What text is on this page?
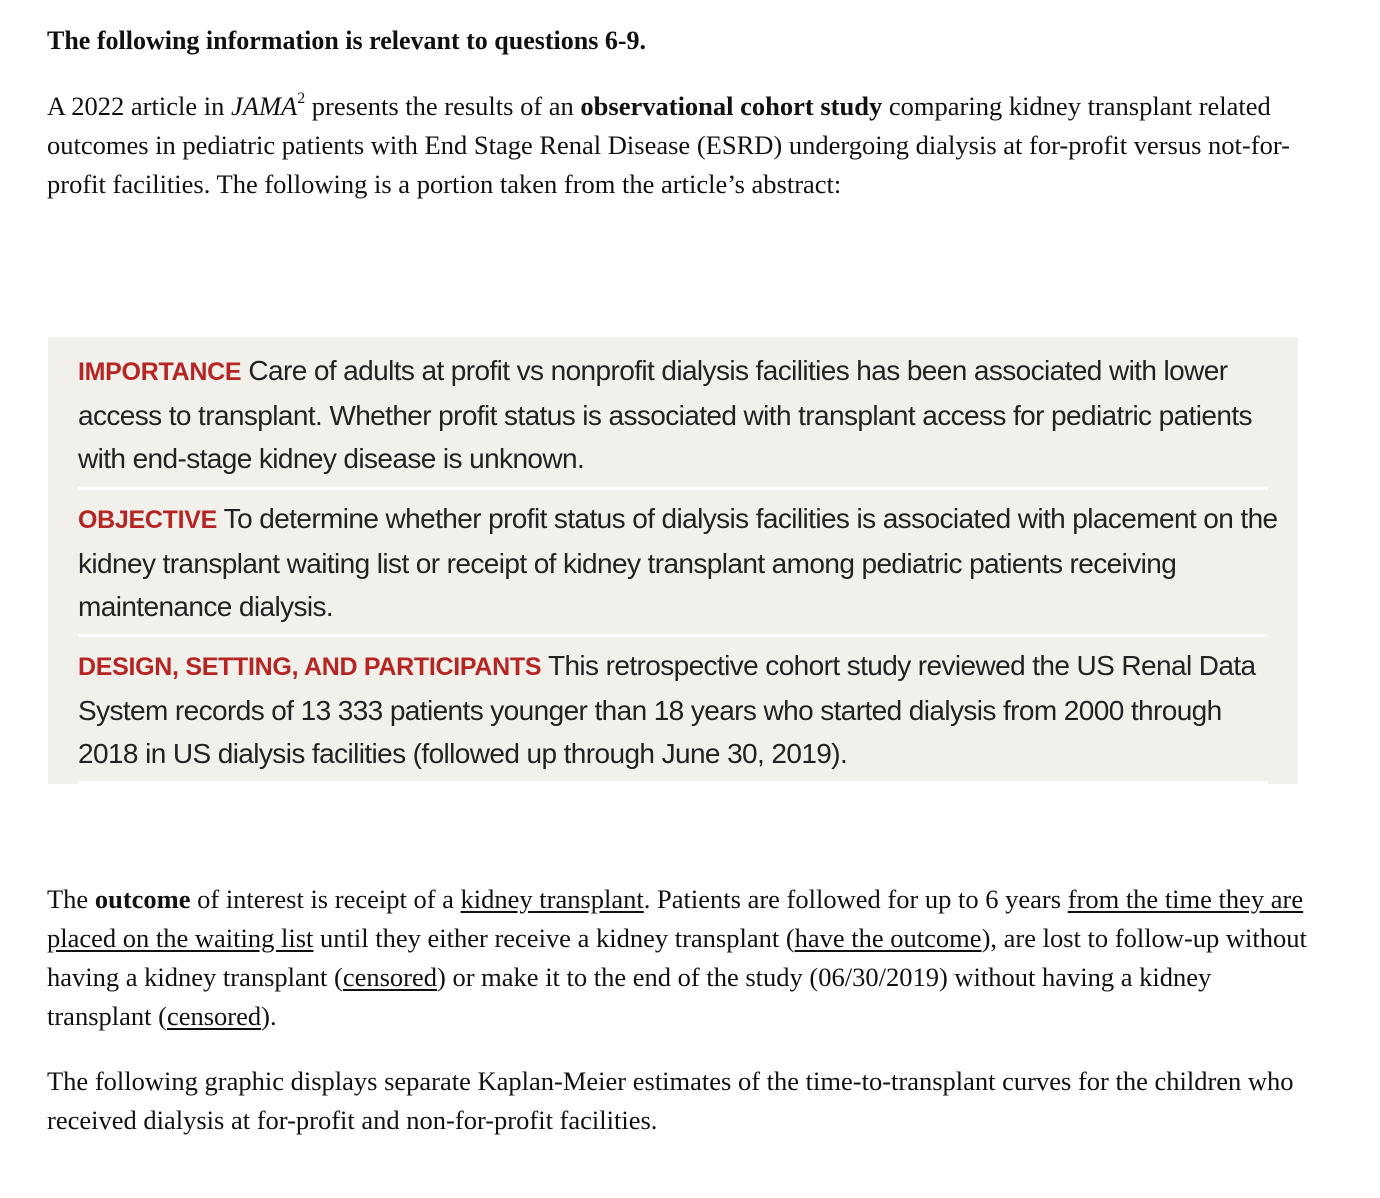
The following information is relevant to questions 6-9.

A 2022 article in JAMA$^2$ presents the results of an observational cohort study comparing kidney transplant related outcomes in pediatric patients with End Stage Renal Disease (ESRD) undergoing dialysis at for-profit versus not-for-profit facilities. The following is a portion taken from the article’s abstract:

IMPORTANCE Care of adults at profit vs nonprofit dialysis facilities has been associated with lower access to transplant. Whether profit status is associated with transplant access for pediatric patients with end-stage kidney disease is unknown.

OBJECTIVE To determine whether profit status of dialysis facilities is associated with placement on the kidney transplant waiting list or receipt of kidney transplant among pediatric patients receiving maintenance dialysis.

DESIGN, SETTING, AND PARTICIPANTS This retrospective cohort study reviewed the US Renal Data System records of 13 333 patients younger than 18 years who started dialysis from 2000 through 2018 in US dialysis facilities (followed up through June 30, 2019).

The outcome of interest is receipt of a kidney transplant. Patients are followed for up to 6 years from the time they are placed on the waiting list until they either receive a kidney transplant (have the outcome), are lost to follow-up without having a kidney transplant (censored) or make it to the end of the study (06/30/2019) without having a kidney transplant (censored).

The following graphic displays separate Kaplan-Meier estimates of the time-to-transplant curves for the children who received dialysis at for-profit and non-for-profit facilities.
